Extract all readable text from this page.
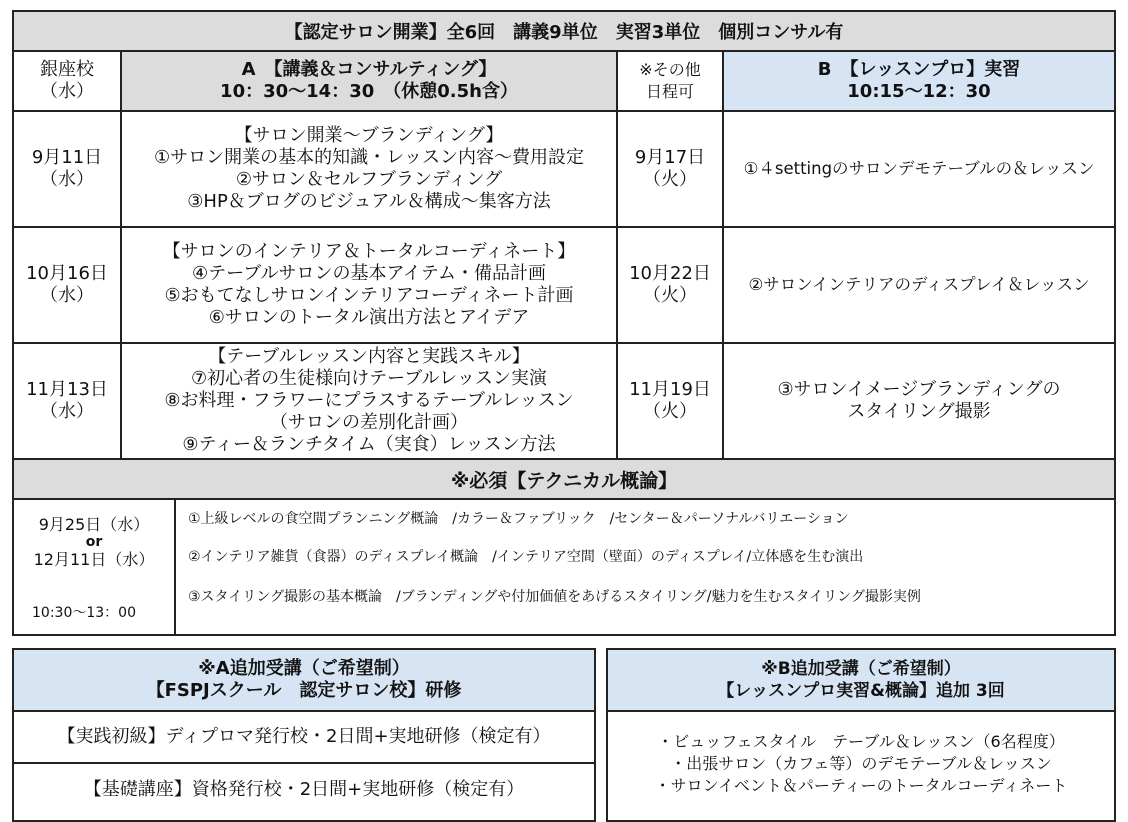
【認定サロン開業】全6回　講義9単位　実習3単位　個別コンサル有
銀座校
（水）
A　【講義＆コンサルティング】
10：30〜14：30　（休憩0.5h含）
※その他
日程可
B　【レッスンプロ】実習
10:15〜12：30
9月11日
（水）
【サロン開業〜ブランディング】
①サロン開業の基本的知識・レッスン内容〜費用設定
②サロン＆セルフブランディング
③HP＆ブログのビジュアル＆構成〜集客方法
9月17日
（火）
①４settingのサロンデモテーブルの＆レッスン
10月16日
（水）
【サロンのインテリア＆トータルコーディネート】
④テーブルサロンの基本アイテム・備品計画
⑤おもてなしサロンインテリアコーディネート計画
⑥サロンのトータル演出方法とアイデア
10月22日
（火）
②サロンインテリアのディスプレイ＆レッスン
11月13日
（水）
【テーブルレッスン内容と実践スキル】
⑦初心者の生徒様向けテーブルレッスン実演
⑧お料理・フラワーにプラスするテーブルレッスン
（サロンの差別化計画）
⑨ティー＆ランチタイム（実食）レッスン方法
11月19日
（火）
③サロンイメージブランディングの
スタイリング撮影
※必須【テクニカル概論】
9月25日（水）
or
12月11日（水）
10:30〜13：00
①上級レベルの食空間プランニング概論　/カラー＆ファブリック　/センター＆パーソナルバリエーション
②インテリア雑貨（食器）のディスプレイ概論　/インテリア空間（壁面）のディスプレイ/立体感を生む演出
③スタイリング撮影の基本概論　/ブランディングや付加価値をあげるスタイリング/魅力を生むスタイリング撮影実例
※A追加受講（ご希望制）
【FSPJスクール　認定サロン校】研修
【実践初級】ディプロマ発行校・2日間+実地研修（検定有）
【基礎講座】資格発行校・2日間+実地研修（検定有）
※B追加受講（ご希望制）
【レッスンプロ実習&概論】追加 3回
・ビュッフェスタイル　テーブル＆レッスン（6名程度）
・出張サロン（カフェ等）のデモテーブル＆レッスン
・サロンイベント＆パーティーのトータルコーディネート
